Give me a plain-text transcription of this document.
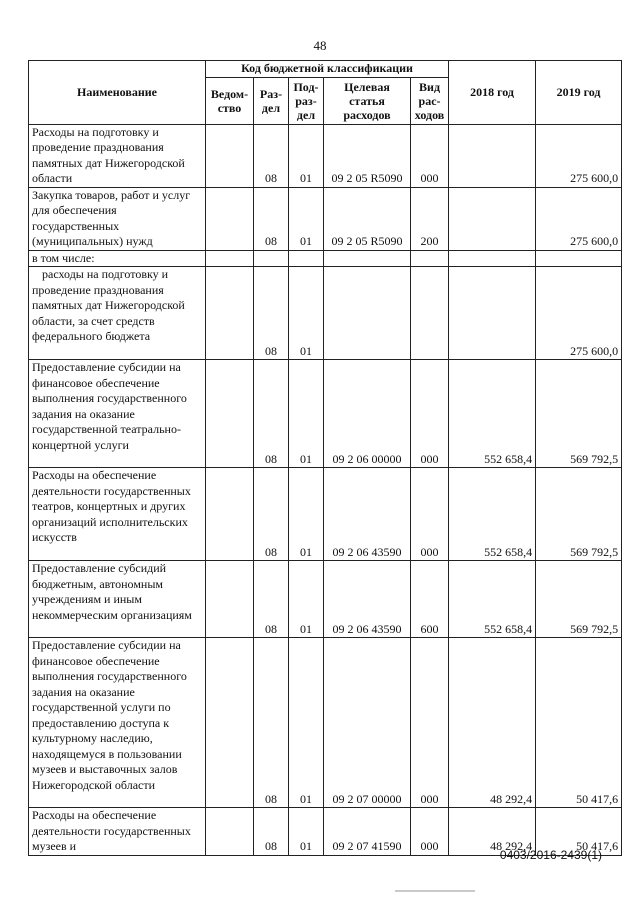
48
Наименование	Код бюджетной классификации					2018 год	2019 год
	Ведом-ство	Раз-дел	Под-раз-дел	Целевая статья расходов	Вид рас-ходов		
Расходы на подготовку и проведение празднования памятных дат Нижегородской области		08	01	09 2 05 R5090	000		275 600,0
Закупка товаров, работ и услуг для обеспечения государственных (муниципальных) нужд		08	01	09 2 05 R5090	200		275 600,0
в том числе:							
расходы на подготовку и проведение празднования памятных дат Нижегородской области, за счет средств федерального бюджета		08	01				275 600,0
Предоставление субсидии на финансовое обеспечение выполнения государственного задания на оказание государственной театрально-концертной услуги		08	01	09 2 06 00000	000	552 658,4	569 792,5
Расходы на обеспечение деятельности государственных театров, концертных и других организаций исполнительских искусств		08	01	09 2 06 43590	000	552 658,4	569 792,5
Предоставление субсидий бюджетным, автономным учреждениям и иным некоммерческим организациям		08	01	09 2 06 43590	600	552 658,4	569 792,5
Предоставление субсидии на финансовое обеспечение выполнения государственного задания на оказание государственной услуги по предоставлению доступа к культурному наследию, находящемуся в пользовании музеев и выставочных залов Нижегородской области		08	01	09 2 07 00000	000	48 292,4	50 417,6
Расходы на обеспечение деятельности государственных музеев и		08	01	09 2 07 41590	000	48 292,4	50 417,6
0403/2016-2439(1)
